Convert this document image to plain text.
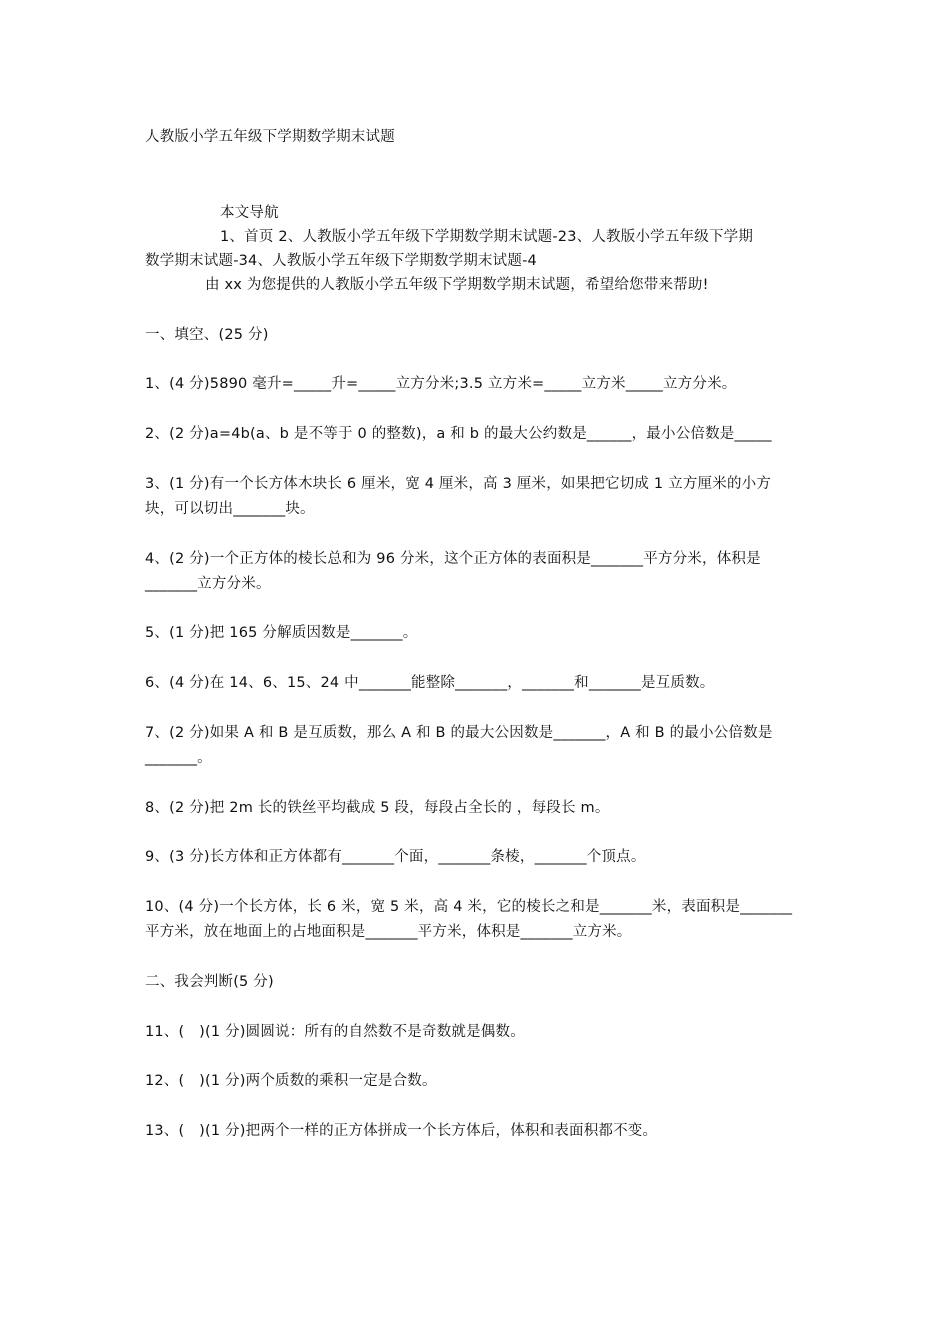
人教版小学五年级下学期数学期末试题
本文导航
1、首页 2、人教版小学五年级下学期数学期末试题-23、人教版小学五年级下学期
数学期末试题-34、人教版小学五年级下学期数学期末试题-4
由 xx 为您提供的人教版小学五年级下学期数学期末试题，希望给您带来帮助!
一、填空、(25 分)
1、(4 分)5890 毫升=_____升=_____立方分米;3.5 立方米=_____立方米_____立方分米。
2、(2 分)a=4b(a、b 是不等于 0 的整数)，a 和 b 的最大公约数是______，最小公倍数是_____
3、(1 分)有一个长方体木块长 6 厘米，宽 4 厘米，高 3 厘米，如果把它切成 1 立方厘米的小方
块，可以切出_______块。
4、(2 分)一个正方体的棱长总和为 96 分米，这个正方体的表面积是_______平方分米，体积是
_______立方分米。
5、(1 分)把 165 分解质因数是_______。
6、(4 分)在 14、6、15、24 中_______能整除_______，_______和_______是互质数。
7、(2 分)如果 A 和 B 是互质数，那么 A 和 B 的最大公因数是_______，A 和 B 的最小公倍数是
_______。
8、(2 分)把 2m 长的铁丝平均截成 5 段，每段占全长的 ，每段长 m。
9、(3 分)长方体和正方体都有_______个面，_______条棱，_______个顶点。
10、(4 分)一个长方体，长 6 米，宽 5 米，高 4 米，它的棱长之和是_______米，表面积是_______
平方米，放在地面上的占地面积是_______平方米，体积是_______立方米。
二、我会判断(5 分)
11、(　)(1 分)圆圆说：所有的自然数不是奇数就是偶数。
12、(　)(1 分)两个质数的乘积一定是合数。
13、(　)(1 分)把两个一样的正方体拼成一个长方体后，体积和表面积都不变。
